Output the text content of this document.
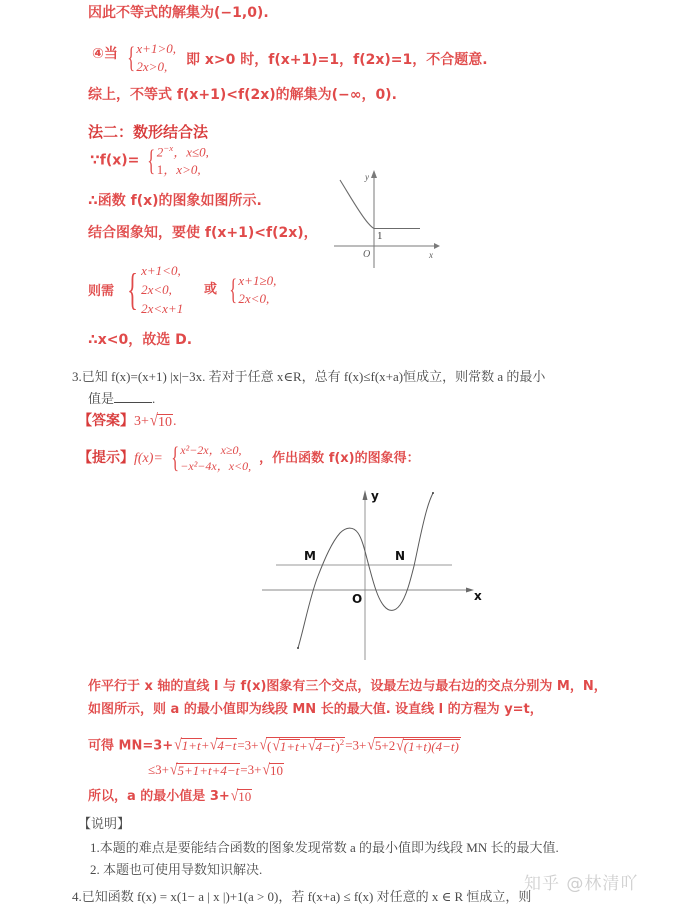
因此不等式的解集为(−1,0).
④当 { x+1>0,
2x>0,	即 x>0 时，f(x+1)=1，f(2x)=1，不合题意.
综上，不等式 f(x+1)<f(2x)的解集为(−∞，0).
法二：数形结合法
∵f(x)= { $2^{-x}$，x≤0,
1，x>0,
∴函数 f(x)的图象如图所示.
结合图象知，要使 f(x+1)<f(2x)，
y
x
O
1
则需 { x+1<0,
2x<0,
2x<x+1
或 { x+1≥0,
2x<0,
∴x<0，故选 D.
3.已知 f(x)=(x+1) |x|−3x. 若对于任意 x∈R，总有 f(x)≤f(x+a)恒成立，则常数 a 的最小
值是	.
【答案】3+√10.
【提示】f(x)= { x²−2x，x≥0,
−x²−4x，x<0,
，作出函数 f(x)的图象得：
M	N
O
y
x
作平行于 x 轴的直线 l 与 f(x)图象有三个交点，设最左边与最右边的交点分别为 M，N，
如图所示，则 a 的最小值即为线段 MN 长的最大值. 设直线 l 的方程为 y=t，
可得 $MN=3+√1+t+√4-t=3+√(√1+t+√4-t)^2=3+√5+2√(1+t)(4-t)$
≤3+√5+1+t+4−t=3+√10
所以，a 的最小值是 3+√10
【说明】
1.本题的难点是要能结合函数的图象发现常数 a 的最小值即为线段 MN 长的最大值.
2. 本题也可使用导数知识解决.
4.已知函数 f(x) = x(1− a | x |)+1(a > 0)，若 f(x+a) ≤ f(x) 对任意的 x ∈ R 恒成立，则
知乎 @林清吖
